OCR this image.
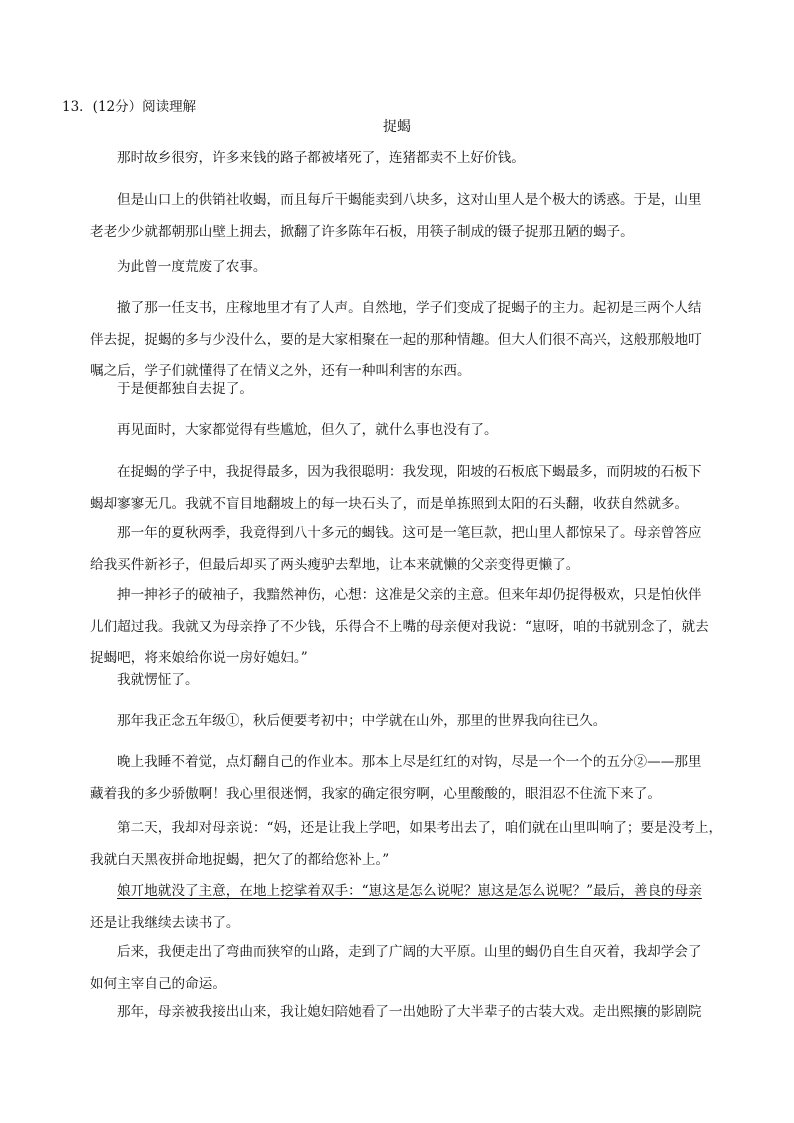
13．(12分）阅读理解
捉蝎

那时故乡很穷，许多来钱的路子都被堵死了，连猪都卖不上好价钱。

但是山口上的供销社收蝎，而且每斤干蝎能卖到八块多，这对山里人是个极大的诱惑。于是，山里
老老少少就都朝那山壁上拥去，掀翻了许多陈年石板，用筷子制成的镊子捉那丑陋的蝎子。

为此曾一度荒废了农事。

撤了那一任支书，庄稼地里才有了人声。自然地，学子们变成了捉蝎子的主力。起初是三两个人结
伴去捉，捉蝎的多与少没什么，要的是大家相聚在一起的那种情趣。但大人们很不高兴，这般那般地叮
嘱之后，学子们就懂得了在情义之外，还有一种叫利害的东西。

于是便都独自去捉了。

再见面时，大家都觉得有些尴尬，但久了，就什么事也没有了。

在捉蝎的学子中，我捉得最多，因为我很聪明：我发现，阳坡的石板底下蝎最多，而阴坡的石板下
蝎却寥寥无几。我就不盲目地翻坡上的每一块石头了，而是单拣照到太阳的石头翻，收获自然就多。

那一年的夏秋两季，我竟得到八十多元的蝎钱。这可是一笔巨款，把山里人都惊呆了。母亲曾答应
给我买件新衫子，但最后却买了两头瘦驴去犁地，让本来就懒的父亲变得更懒了。

抻一抻衫子的破袖子，我黯然神伤，心想：这准是父亲的主意。但来年却仍捉得极欢，只是怕伙伴
儿们超过我。我就又为母亲挣了不少钱，乐得合不上嘴的母亲便对我说：“崽呀，咱的书就别念了，就去
捉蝎吧，将来娘给你说一房好媳妇。”

我就愣怔了。

那年我正念五年级①，秋后便要考初中；中学就在山外，那里的世界我向往已久。

晚上我睡不着觉，点灯翻自己的作业本。那本上尽是红红的对钩，尽是一个一个的五分②——那里
藏着我的多少骄傲啊！我心里很迷惘，我家的确定很穷啊，心里酸酸的，眼泪忍不住流下来了。

第二天，我却对母亲说：“妈，还是让我上学吧，如果考出去了，咱们就在山里叫响了；要是没考上，
我就白天黑夜拼命地捉蝎，把欠了的都给您补上。”

娘丌地就没了主意，在地上挖挲着双手：“崽这是怎么说呢？崽这是怎么说呢？”最后，善良的母亲
还是让我继续去读书了。

后来，我便走出了弯曲而狭窄的山路，走到了广阔的大平原。山里的蝎仍自生自灭着，我却学会了
如何主宰自己的命运。

那年，母亲被我接出山来，我让媳妇陪她看了一出她盼了大半辈子的古装大戏。走出熙攘的影剧院
